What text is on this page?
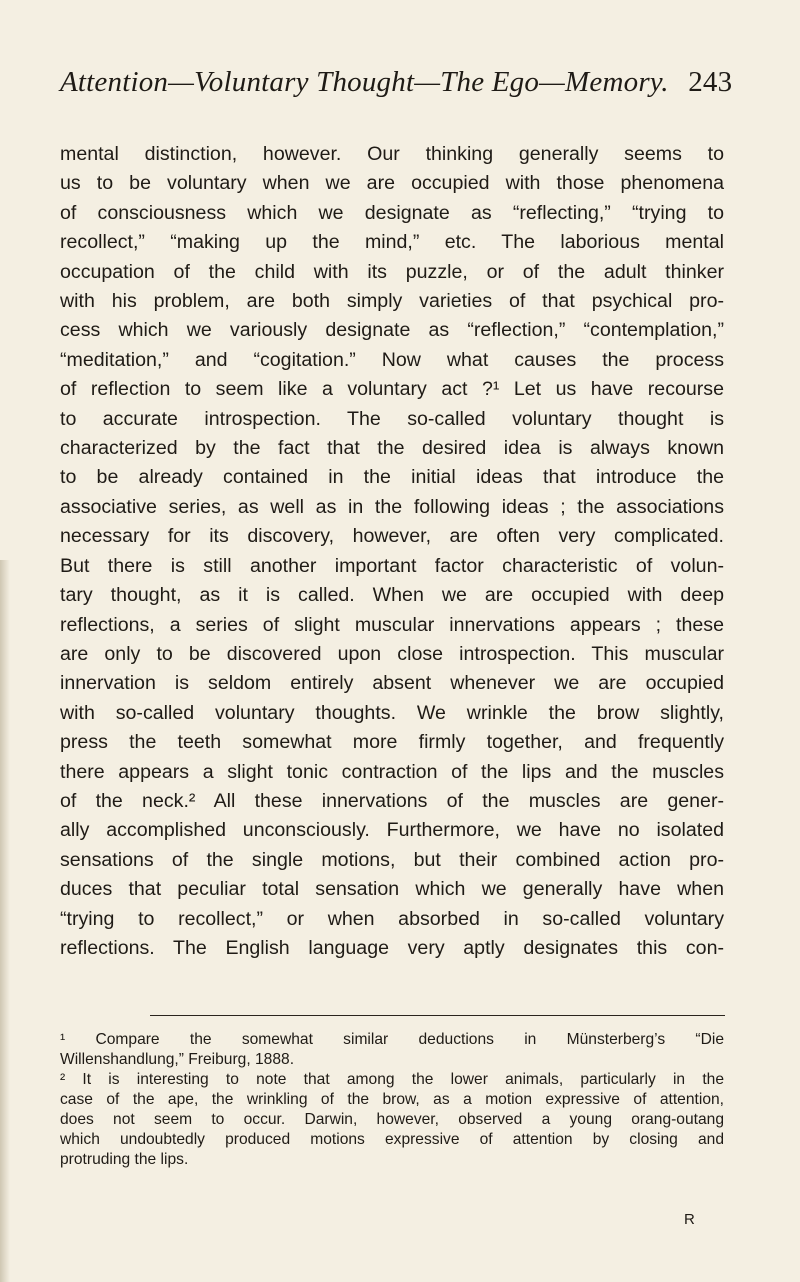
Attention—Voluntary Thought—The Ego—Memory. 243
mental distinction, however. Our thinking generally seems to
us to be voluntary when we are occupied with those phenomena
of consciousness which we designate as “reflecting,” “trying to
recollect,” “making up the mind,” etc. The laborious mental
occupation of the child with its puzzle, or of the adult thinker
with his problem, are both simply varieties of that psychical pro-
cess which we variously designate as “reflection,” “contemplation,”
“meditation,” and “cogitation.” Now what causes the process
of reflection to seem like a voluntary act ?¹ Let us have recourse
to accurate introspection. The so-called voluntary thought is
characterized by the fact that the desired idea is always known
to be already contained in the initial ideas that introduce the
associative series, as well as in the following ideas ; the associations
necessary for its discovery, however, are often very complicated.
But there is still another important factor characteristic of volun-
tary thought, as it is called. When we are occupied with deep
reflections, a series of slight muscular innervations appears ; these
are only to be discovered upon close introspection. This muscular
innervation is seldom entirely absent whenever we are occupied
with so-called voluntary thoughts. We wrinkle the brow slightly,
press the teeth somewhat more firmly together, and frequently
there appears a slight tonic contraction of the lips and the muscles
of the neck.² All these innervations of the muscles are gener-
ally accomplished unconsciously. Furthermore, we have no isolated
sensations of the single motions, but their combined action pro-
duces that peculiar total sensation which we generally have when
“trying to recollect,” or when absorbed in so-called voluntary
reflections. The English language very aptly designates this con-
¹ Compare the somewhat similar deductions in Münsterberg’s “Die
Willenshandlung,” Freiburg, 1888.
² It is interesting to note that among the lower animals, particularly in the
case of the ape, the wrinkling of the brow, as a motion expressive of attention,
does not seem to occur. Darwin, however, observed a young orang-outang
which undoubtedly produced motions expressive of attention by closing and
protruding the lips.
R
